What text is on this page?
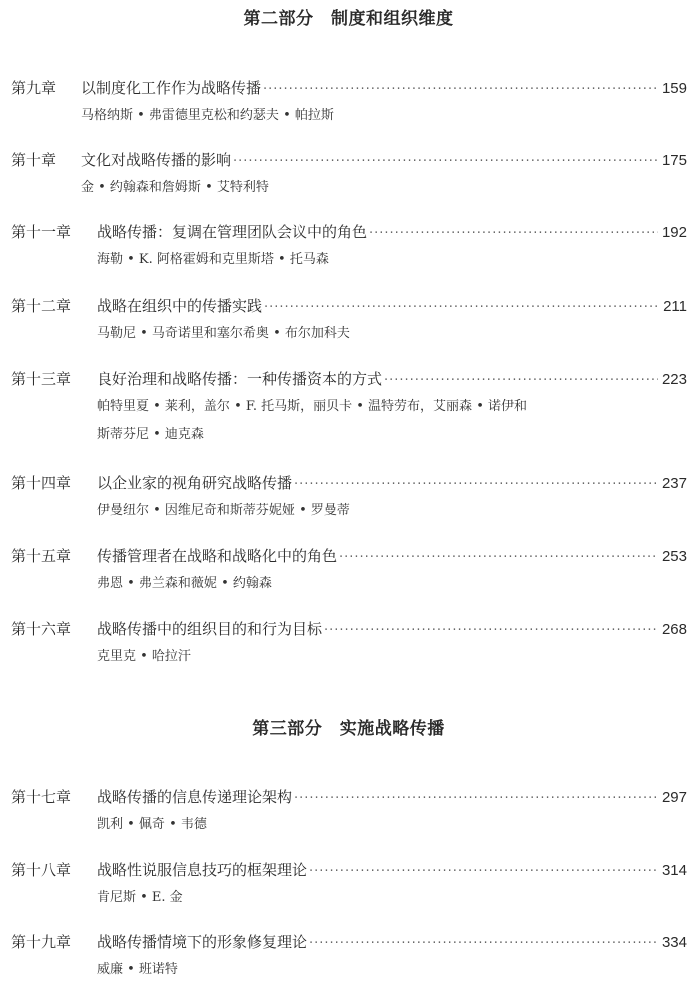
第二部分　制度和组织维度
第九章	以制度化工作作为战略传播 ·····	159
马格纳斯 • 弗雷德里克松和约瑟夫 • 帕拉斯
第十章	文化对战略传播的影响 ·····	175
金 • 约翰森和詹姆斯 • 艾特利特
第十一章	战略传播：复调在管理团队会议中的角色 ·····	192
海勒 • K. 阿格霍姆和克里斯塔 • 托马森
第十二章	战略在组织中的传播实践 ·····	211
马勒尼 • 马奇诺里和塞尔希奥 • 布尔加科夫
第十三章	良好治理和战略传播：一种传播资本的方式 ·····	223
帕特里夏 • 莱利，盖尔 • F. 托马斯，丽贝卡 • 温特劳布，艾丽森 • 诺伊和
斯蒂芬尼 • 迪克森
第十四章	以企业家的视角研究战略传播 ·····	237
伊曼纽尔 • 因维尼奇和斯蒂芬妮娅 • 罗曼蒂
第十五章	传播管理者在战略和战略化中的角色 ·····	253
弗恩 • 弗兰森和薇妮 • 约翰森
第十六章	战略传播中的组织目的和行为目标 ·····	268
克里克 • 哈拉汗
第三部分　实施战略传播
第十七章	战略传播的信息传递理论架构 ·····	297
凯利 • 佩奇 • 韦德
第十八章	战略性说服信息技巧的框架理论 ·····	314
肯尼斯 • E. 金
第十九章	战略传播情境下的形象修复理论 ·····	334
威廉 • 班诺特
